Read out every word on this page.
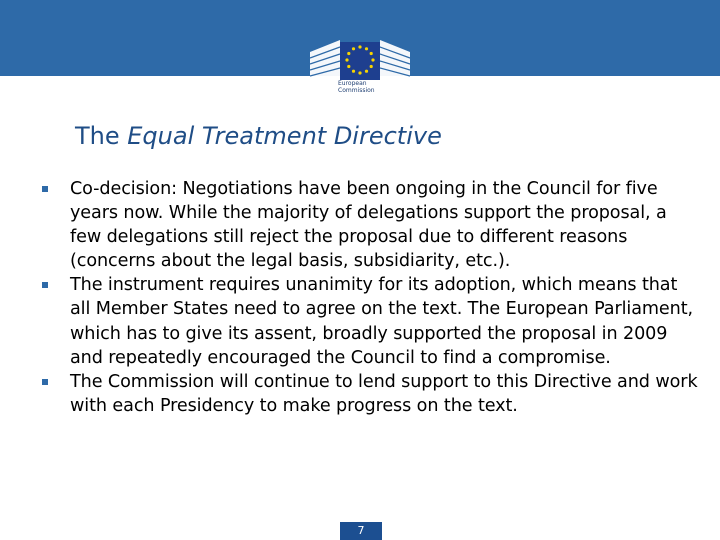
European
Commission
The Equal Treatment Directive
Co-decision: Negotiations have been ongoing in the Council for five years now. While the majority of delegations support the proposal, a few delegations still reject the proposal due to different reasons (concerns about the legal basis, subsidiarity, etc.).
The instrument requires unanimity for its adoption, which means that all Member States need to agree on the text. The European Parliament, which has to give its assent, broadly supported the proposal in 2009 and repeatedly encouraged the Council to find a compromise.
The Commission will continue to lend support to this Directive and work with each Presidency to make progress on the text.
7
